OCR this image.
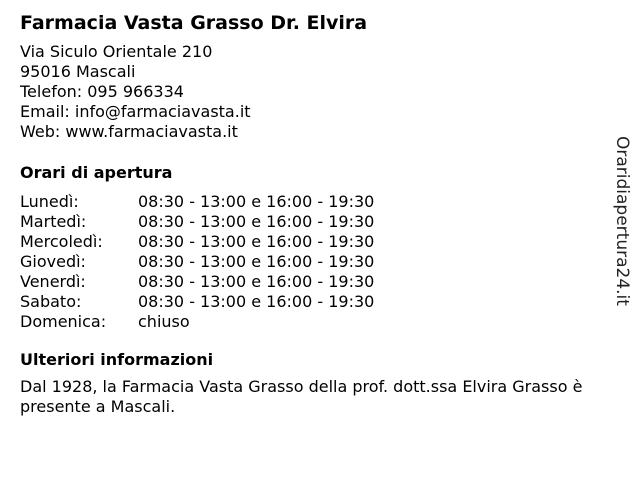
Farmacia Vasta Grasso Dr. Elvira
Via Siculo Orientale 210
95016 Mascali
Telefon: 095 966334
Email: info@farmaciavasta.it
Web: www.farmaciavasta.it
Orari di apertura
Lunedì:	08:30 - 13:00 e 16:00 - 19:30
Martedì:	08:30 - 13:00 e 16:00 - 19:30
Mercoledì:	08:30 - 13:00 e 16:00 - 19:30
Giovedì:	08:30 - 13:00 e 16:00 - 19:30
Venerdì:	08:30 - 13:00 e 16:00 - 19:30
Sabato:	08:30 - 13:00 e 16:00 - 19:30
Domenica:	chiuso
Ulteriori informazioni
Dal 1928, la Farmacia Vasta Grasso della prof. dott.ssa Elvira Grasso è presente a Mascali.
Oraridiapertura24.it
